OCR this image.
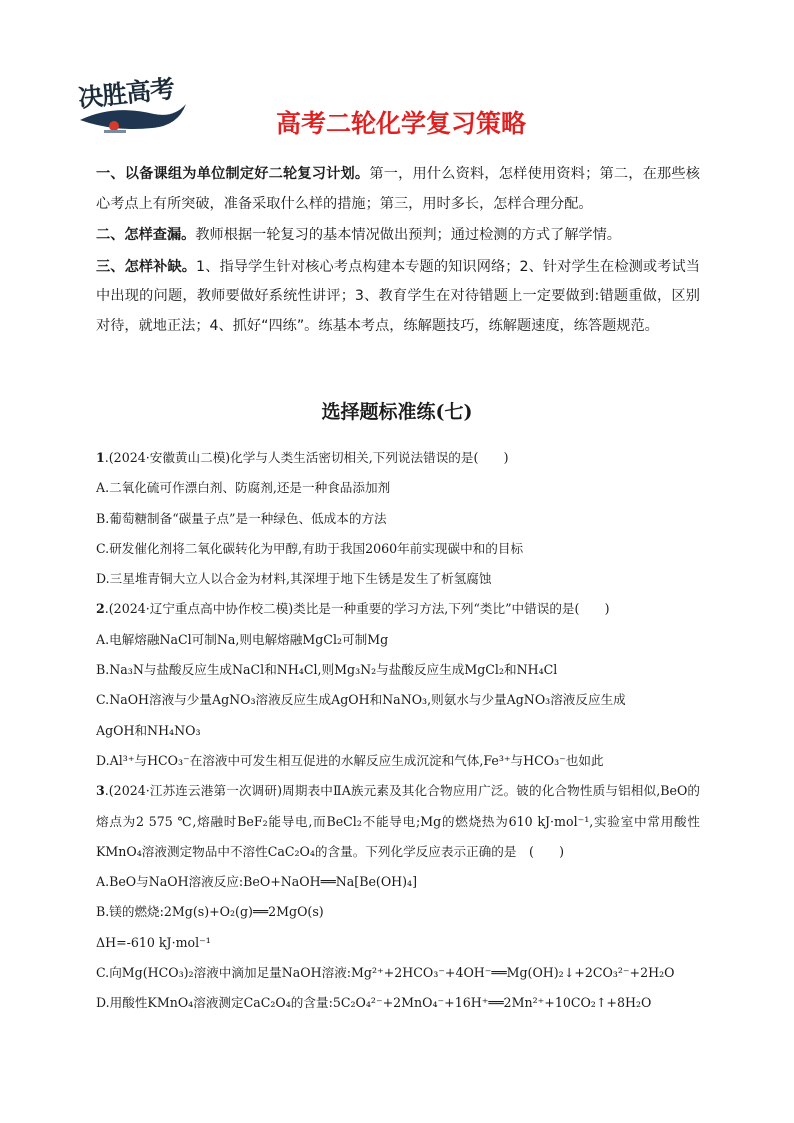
决胜高考
高考二轮化学复习策略

一、以备课组为单位制定好二轮复习计划。第一，用什么资料，怎样使用资料；第二，在那些核心考点上有所突破，准备采取什么样的措施；第三，用时多长，怎样合理分配。

二、怎样查漏。教师根据一轮复习的基本情况做出预判；通过检测的方式了解学情。

三、怎样补缺。1、指导学生针对核心考点构建本专题的知识网络；2、针对学生在检测或考试当中出现的问题，教师要做好系统性讲评；3、教育学生在对待错题上一定要做到:错题重做，区别对待，就地正法；4、抓好“四练”。练基本考点，练解题技巧，练解题速度，练答题规范。

选择题标准练(七)

1.(2024·安徽黄山二模)化学与人类生活密切相关,下列说法错误的是(　　)

A.二氧化硫可作漂白剂、防腐剂,还是一种食品添加剂

B.葡萄糖制备“碳量子点”是一种绿色、低成本的方法

C.研发催化剂将二氧化碳转化为甲醇,有助于我国2060年前实现碳中和的目标

D.三星堆青铜大立人以合金为材料,其深埋于地下生锈是发生了析氢腐蚀

2.(2024·辽宁重点高中协作校二模)类比是一种重要的学习方法,下列“类比”中错误的是(　　)

A.电解熔融NaCl可制Na,则电解熔融MgCl₂可制Mg

B.Na₃N与盐酸反应生成NaCl和NH₄Cl,则Mg₃N₂与盐酸反应生成MgCl₂和NH₄Cl

C.NaOH溶液与少量AgNO₃溶液反应生成AgOH和NaNO₃,则氨水与少量AgNO₃溶液反应生成

AgOH和NH₄NO₃

D.Al³⁺与HCO₃⁻在溶液中可发生相互促进的水解反应生成沉淀和气体,Fe³⁺与HCO₃⁻也如此

3.(2024·江苏连云港第一次调研)周期表中ⅡA族元素及其化合物应用广泛。铍的化合物性质与铝相似,BeO的熔点为2 575 ℃,熔融时BeF₂能导电,而BeCl₂不能导电;Mg的燃烧热为610 kJ·mol⁻¹,实验室中常用酸性KMnO₄溶液测定物品中不溶性CaC₂O₄的含量。下列化学反应表示正确的是　(　　)

A.BeO与NaOH溶液反应:BeO+NaOH══Na[Be(OH)₄]

B.镁的燃烧:2Mg(s)+O₂(g)══2MgO(s)

ΔH=-610 kJ·mol⁻¹

C.向Mg(HCO₃)₂溶液中滴加足量NaOH溶液:Mg²⁺+2HCO₃⁻+4OH⁻══Mg(OH)₂↓+2CO₃²⁻+2H₂O

D.用酸性KMnO₄溶液测定CaC₂O₄的含量:5C₂O₄²⁻+2MnO₄⁻+16H⁺══2Mn²⁺+10CO₂↑+8H₂O
